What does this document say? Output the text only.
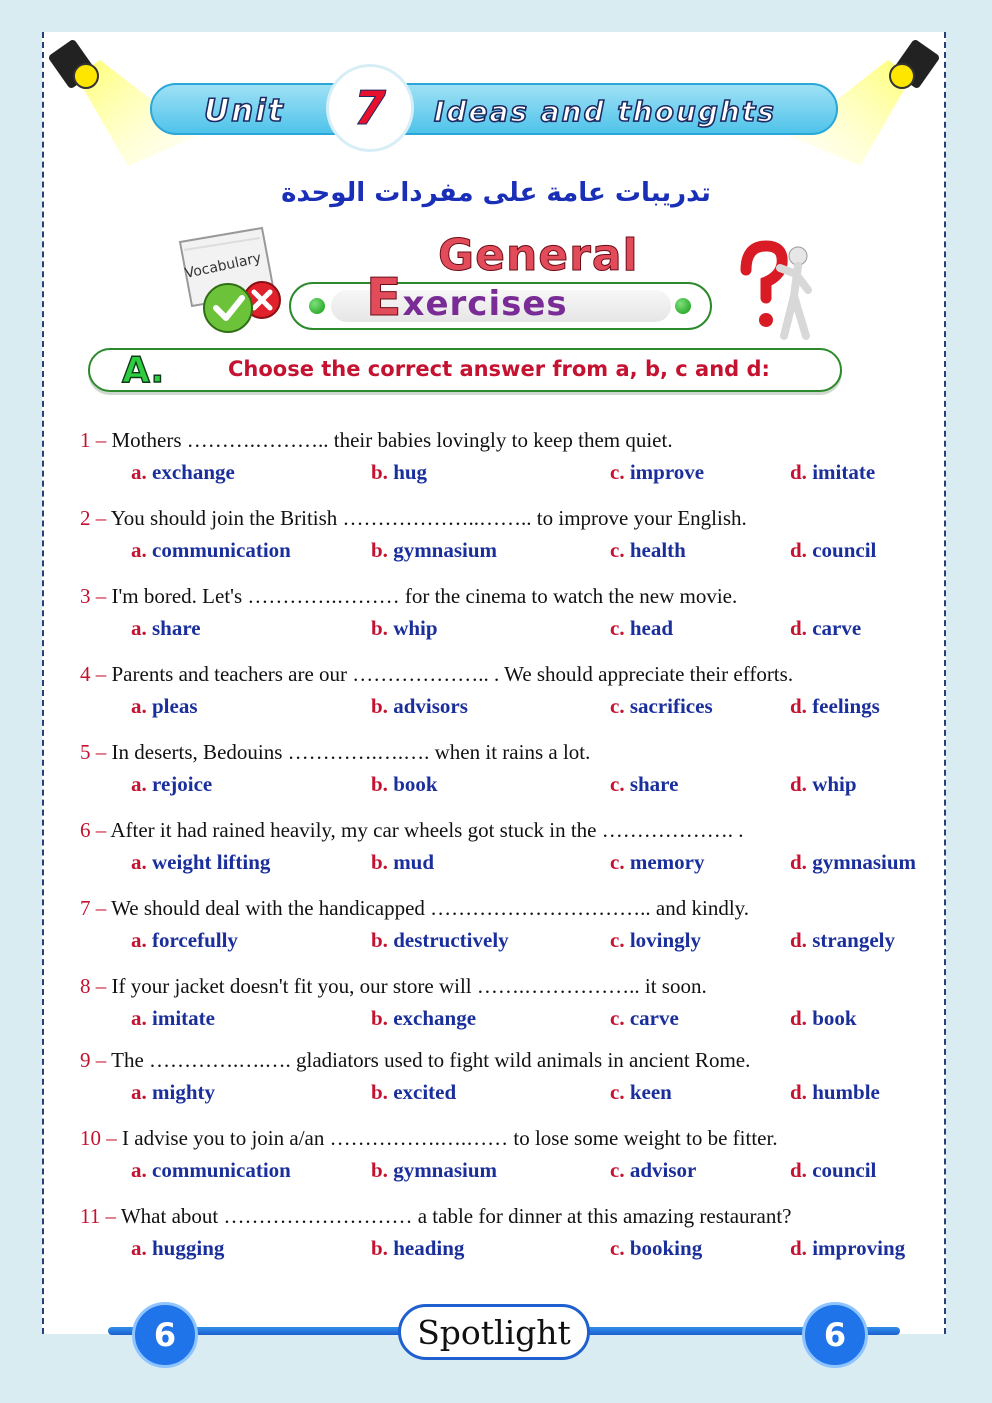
Unit	Ideas and thoughts
7
تدريبات عامة على مفردات الوحدة
Vocabulary	General
Exercises
A.	Choose the correct answer from a, b, c and d:
1 – Mothers ……….……….. their babies lovingly to keep them quiet.
a. exchange	b. hug	c. improve	d. imitate
2 – You should join the British ………………..…….. to improve your English.
a. communication	b. gymnasium	c. health	d. council
3 – I'm bored. Let's ………….……… for the cinema to watch the new movie.
a. share	b. whip	c. head	d. carve
4 – Parents and teachers are our ……………….. . We should appreciate their efforts.
a. pleas	b. advisors	c. sacrifices	d. feelings
5 – In deserts, Bedouins ………….….…. when it rains a lot.
a. rejoice	b. book	c. share	d. whip
6 – After it had rained heavily, my car wheels got stuck in the ………………. .
a. weight lifting	b. mud	c. memory	d. gymnasium
7 – We should deal with the handicapped ………………………….. and kindly.
a. forcefully	b. destructively	c. lovingly	d. strangely
8 – If your jacket doesn't fit you, our store will …….…………….. it soon.
a. imitate	b. exchange	c. carve	d. book
9 – The ………….….…. gladiators used to fight wild animals in ancient Rome.
a. mighty	b. excited	c. keen	d. humble
10 – I advise you to join a/an …………….….…… to lose some weight to be fitter.
a. communication	b. gymnasium	c. advisor	d. council
11 – What about ……………………… a table for dinner at this amazing restaurant?
a. hugging	b. heading	c. booking	d. improving
6	6
Spotlight
